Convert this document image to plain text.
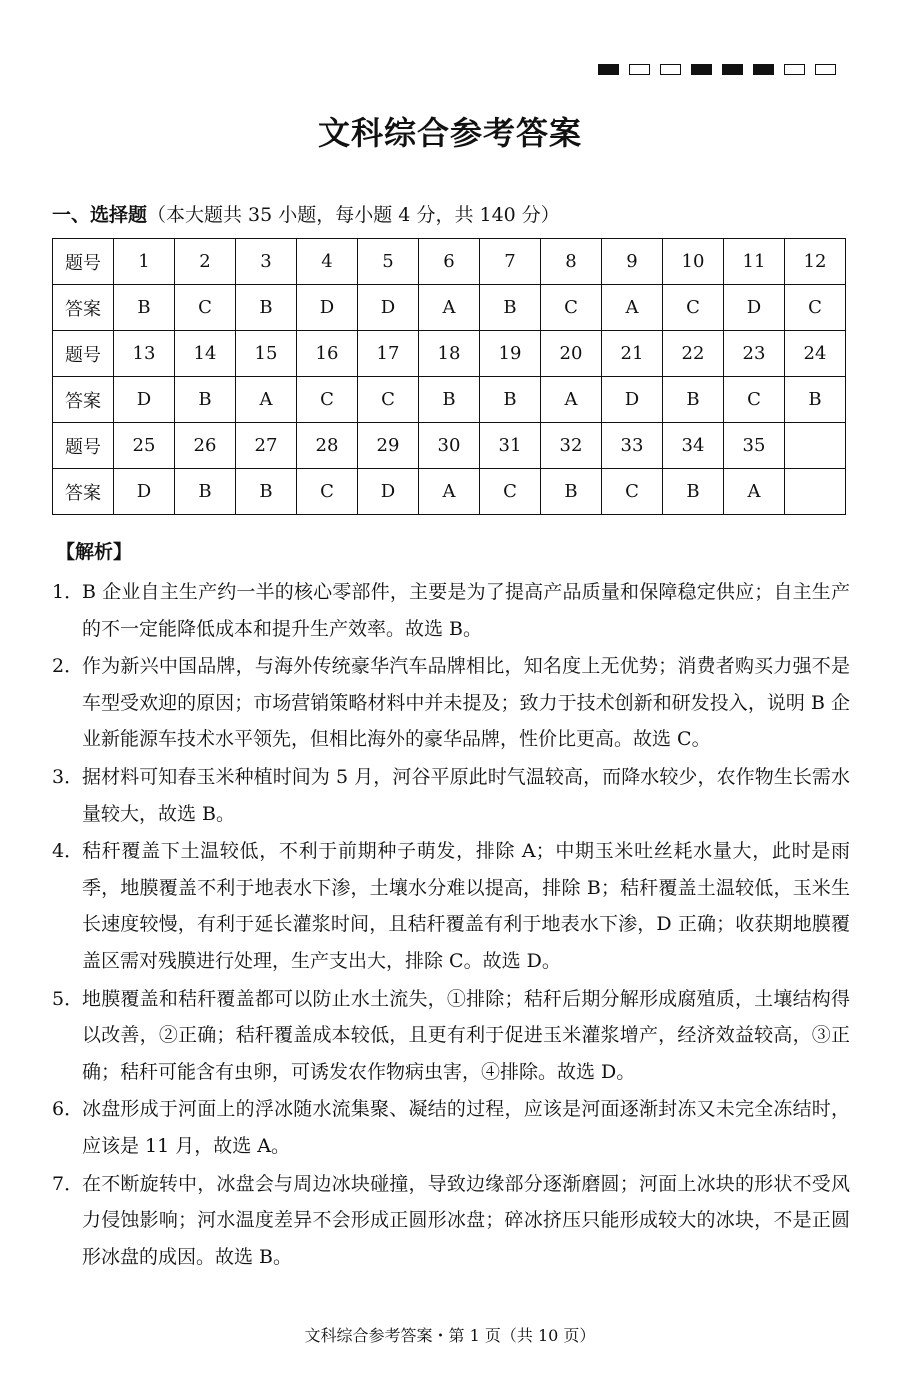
文科综合参考答案
一、选择题（本大题共 35 小题，每小题 4 分，共 140 分）
题号	1	2	3	4	5	6	7	8	9	10	11	12
答案	B	C	B	D	D	A	B	C	A	C	D	C
题号	13	14	15	16	17	18	19	20	21	22	23	24
答案	D	B	A	C	C	B	B	A	D	B	C	B
题号	25	26	27	28	29	30	31	32	33	34	35	
答案	D	B	B	C	D	A	C	B	C	B	A	
【解析】
1．
B 企业自主生产约一半的核心零部件，主要是为了提高产品质量和保障稳定供应；自主生产的不一定能降低成本和提升生产效率。故选 B。
2．
作为新兴中国品牌，与海外传统豪华汽车品牌相比，知名度上无优势；消费者购买力强不是车型受欢迎的原因；市场营销策略材料中并未提及；致力于技术创新和研发投入，说明 B 企业新能源车技术水平领先，但相比海外的豪华品牌，性价比更高。故选 C。
3．
据材料可知春玉米种植时间为 5 月，河谷平原此时气温较高，而降水较少，农作物生长需水量较大，故选 B。
4．
秸秆覆盖下土温较低，不利于前期种子萌发，排除 A；中期玉米吐丝耗水量大，此时是雨季，地膜覆盖不利于地表水下渗，土壤水分难以提高，排除 B；秸秆覆盖土温较低，玉米生长速度较慢，有利于延长灌浆时间，且秸秆覆盖有利于地表水下渗，D 正确；收获期地膜覆盖区需对残膜进行处理，生产支出大，排除 C。故选 D。
5．
地膜覆盖和秸秆覆盖都可以防止水土流失，①排除；秸秆后期分解形成腐殖质，土壤结构得以改善，②正确；秸秆覆盖成本较低，且更有利于促进玉米灌浆增产，经济效益较高，③正确；秸秆可能含有虫卵，可诱发农作物病虫害，④排除。故选 D。
6．
冰盘形成于河面上的浮冰随水流集聚、凝结的过程，应该是河面逐渐封冻又未完全冻结时，应该是 11 月，故选 A。
7．
在不断旋转中，冰盘会与周边冰块碰撞，导致边缘部分逐渐磨圆；河面上冰块的形状不受风力侵蚀影响；河水温度差异不会形成正圆形冰盘；碎冰挤压只能形成较大的冰块，不是正圆形冰盘的成因。故选 B。
文科综合参考答案・第 1 页（共 10 页）
